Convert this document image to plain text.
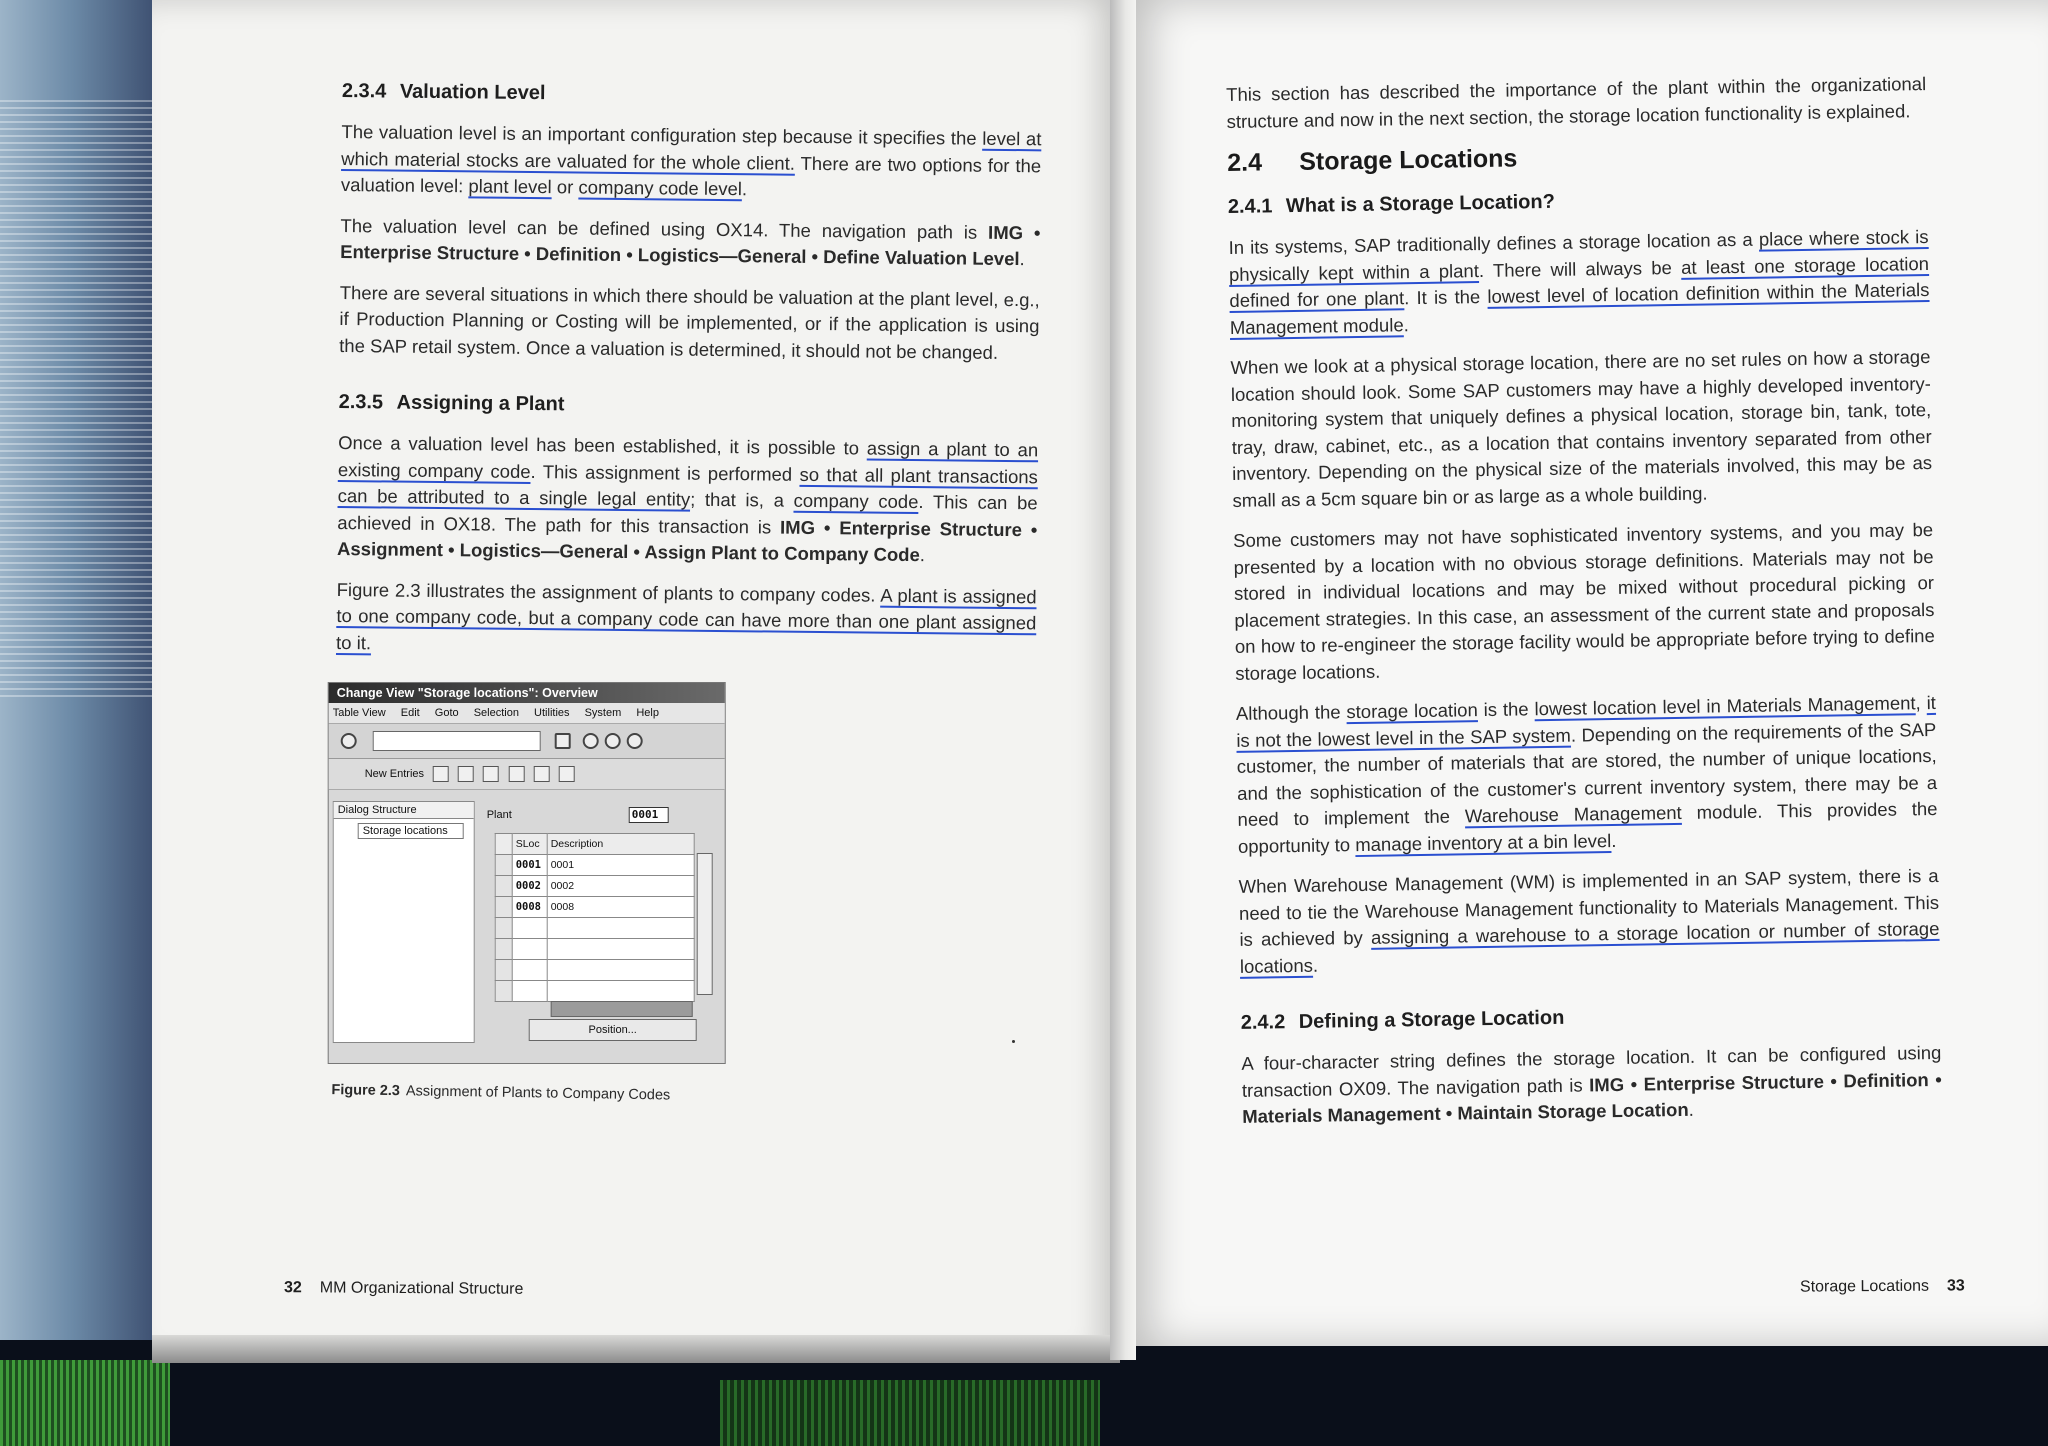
2.3.4 Valuation Level

The valuation level is an important configuration step because it specifies the level at which material stocks are valuated for the whole client. There are two options for the valuation level: plant level or company code level.

The valuation level can be defined using OX14. The navigation path is IMG • Enterprise Structure • Definition • Logistics—General • Define Valuation Level.

There are several situations in which there should be valuation at the plant level, e.g., if Production Planning or Costing will be implemented, or if the application is using the SAP retail system. Once a valuation is determined, it should not be changed.

2.3.5 Assigning a Plant

Once a valuation level has been established, it is possible to assign a plant to an existing company code. This assignment is performed so that all plant transactions can be attributed to a single legal entity; that is, a company code. This can be achieved in OX18. The path for this transaction is IMG • Enterprise Structure • Assignment • Logistics—General • Assign Plant to Company Code.

Figure 2.3 illustrates the assignment of plants to company codes. A plant is assigned to one company code, but a company code can have more than one plant assigned to it.

Change View "Storage locations": Overview
Table View Edit Goto Selection Utilities System Help
New Entries
Dialog Structure
Storage locations
Plant	0001
	SLoc	Description
	0001	0001
	0002	0002
	0008	0008

Position...
Figure 2.3 Assignment of Plants to Company Codes
32 MM Organizational Structure

This section has described the importance of the plant within the organizational structure and now in the next section, the storage location functionality is explained.

2.4 Storage Locations
2.4.1 What is a Storage Location?

In its systems, SAP traditionally defines a storage location as a place where stock is physically kept within a plant. There will always be at least one storage location defined for one plant. It is the lowest level of location definition within the Materials Management module.

When we look at a physical storage location, there are no set rules on how a storage location should look. Some SAP customers may have a highly developed inventory-monitoring system that uniquely defines a physical location, storage bin, tank, tote, tray, draw, cabinet, etc., as a location that contains inventory separated from other inventory. Depending on the physical size of the materials involved, this may be as small as a 5cm square bin or as large as a whole building.

Some customers may not have sophisticated inventory systems, and you may be presented by a location with no obvious storage definitions. Materials may not be stored in individual locations and may be mixed without procedural picking or placement strategies. In this case, an assessment of the current state and proposals on how to re-engineer the storage facility would be appropriate before trying to define storage locations.

Although the storage location is the lowest location level in Materials Management, it is not the lowest level in the SAP system. Depending on the requirements of the SAP customer, the number of materials that are stored, the number of unique locations, and the sophistication of the customer's current inventory system, there may be a need to implement the Warehouse Management module. This provides the opportunity to manage inventory at a bin level.

When Warehouse Management (WM) is implemented in an SAP system, there is a need to tie the Warehouse Management functionality to Materials Management. This is achieved by assigning a warehouse to a storage location or number of storage locations.

2.4.2 Defining a Storage Location

A four-character string defines the storage location. It can be configured using transaction OX09. The navigation path is IMG • Enterprise Structure • Definition • Materials Management • Maintain Storage Location.

Storage Locations 33
